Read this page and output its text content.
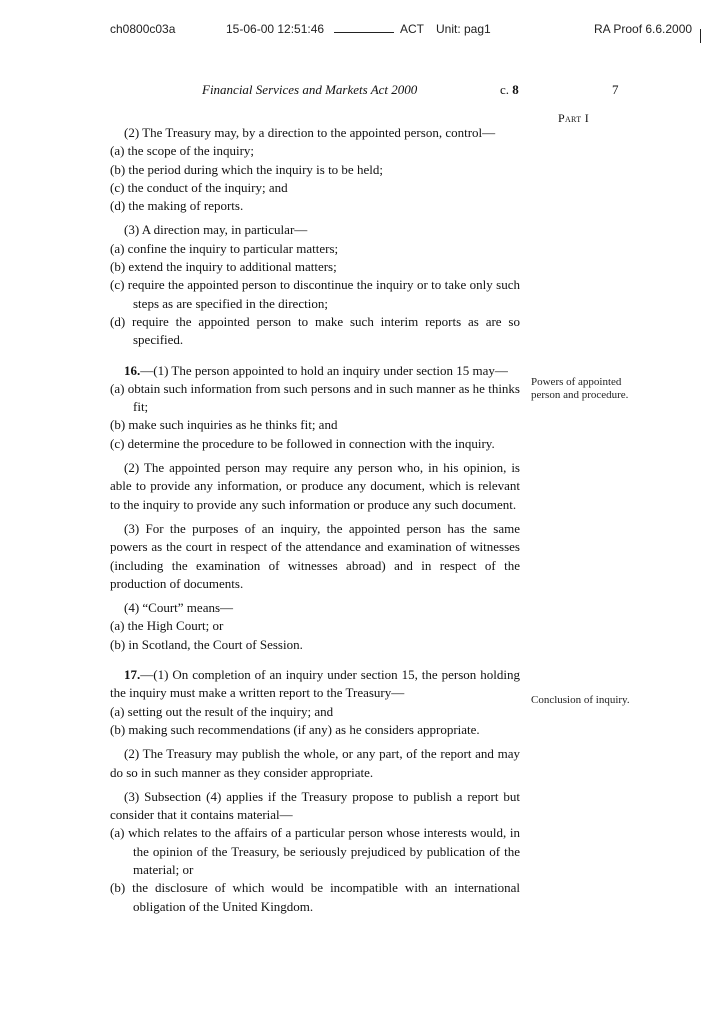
ch0800c03a	15-06-00 12:51:46	ACT Unit: pag1	RA Proof 6.6.2000
Financial Services and Markets Act 2000	c. 8	7
Part I

(2) The Treasury may, by a direction to the appointed person, control—

(a) the scope of the inquiry;

(b) the period during which the inquiry is to be held;

(c) the conduct of the inquiry; and

(d) the making of reports.

(3) A direction may, in particular—

(a) confine the inquiry to particular matters;

(b) extend the inquiry to additional matters;

(c) require the appointed person to discontinue the inquiry or to take only such steps as are specified in the direction;

(d) require the appointed person to make such interim reports as are so specified.

16.—(1) The person appointed to hold an inquiry under section 15 may—

(a) obtain such information from such persons and in such manner as he thinks fit;

(b) make such inquiries as he thinks fit; and

(c) determine the procedure to be followed in connection with the inquiry.

(2) The appointed person may require any person who, in his opinion, is able to provide any information, or produce any document, which is relevant to the inquiry to provide any such information or produce any such document.

(3) For the purposes of an inquiry, the appointed person has the same powers as the court in respect of the attendance and examination of witnesses (including the examination of witnesses abroad) and in respect of the production of documents.

(4) “Court” means—

(a) the High Court; or

(b) in Scotland, the Court of Session.

17.—(1) On completion of an inquiry under section 15, the person holding the inquiry must make a written report to the Treasury—

(a) setting out the result of the inquiry; and

(b) making such recommendations (if any) as he considers appropriate.

(2) The Treasury may publish the whole, or any part, of the report and may do so in such manner as they consider appropriate.

(3) Subsection (4) applies if the Treasury propose to publish a report but consider that it contains material—

(a) which relates to the affairs of a particular person whose interests would, in the opinion of the Treasury, be seriously prejudiced by publication of the material; or

(b) the disclosure of which would be incompatible with an international obligation of the United Kingdom.

Powers of appointed person and procedure.
Conclusion of inquiry.
